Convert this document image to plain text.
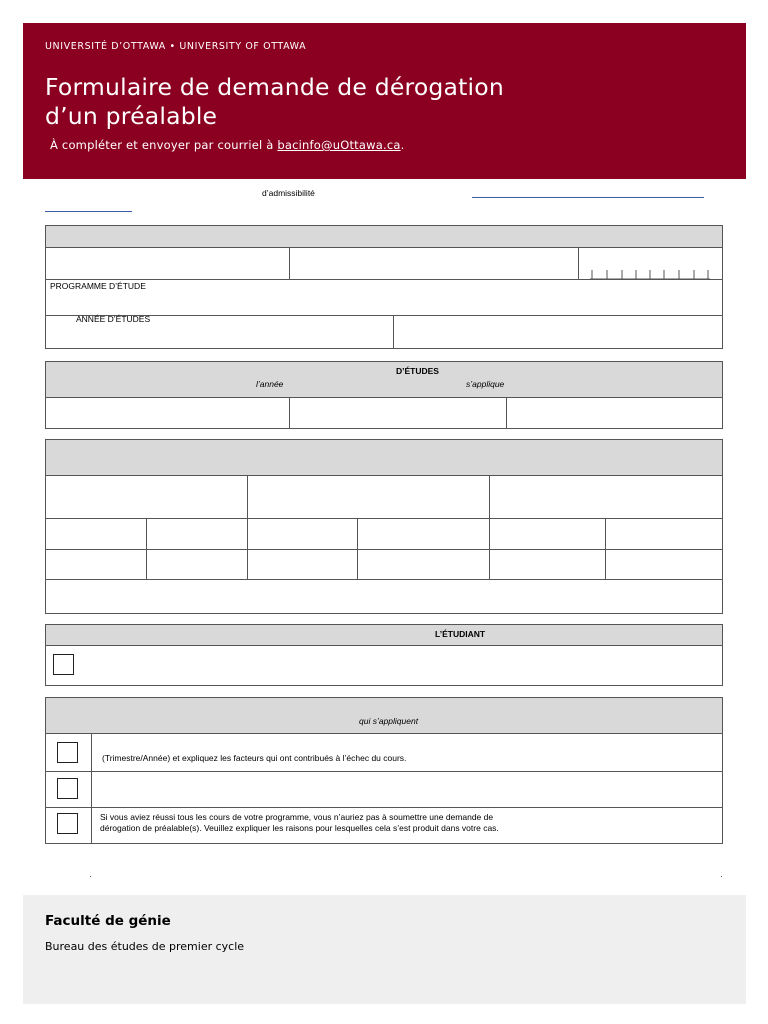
UNIVERSITÉ D’OTTAWA • UNIVERSITY OF OTTAWA
Formulaire de demande de dérogation
d’un préalable
À compléter et envoyer par courriel à bacinfo@uOttawa.ca.
d’admissibilité
PROGRAMME D’ÉTUDE
ANNÉE D’ÉTUDES
D’ÉTUDES
l’année	s’applique
L’ÉTUDIANT
qui s’appliquent
(Trimestre/Année) et expliquez les facteurs qui ont contribués à l’échec du cours.
Si vous aviez réussi tous les cours de votre programme, vous n’auriez pas à soumettre une demande de
dérogation de préalable(s). Veuillez expliquer les raisons pour lesquelles cela s’est produit dans votre cas.
Faculté de génie
Bureau des études de premier cycle
